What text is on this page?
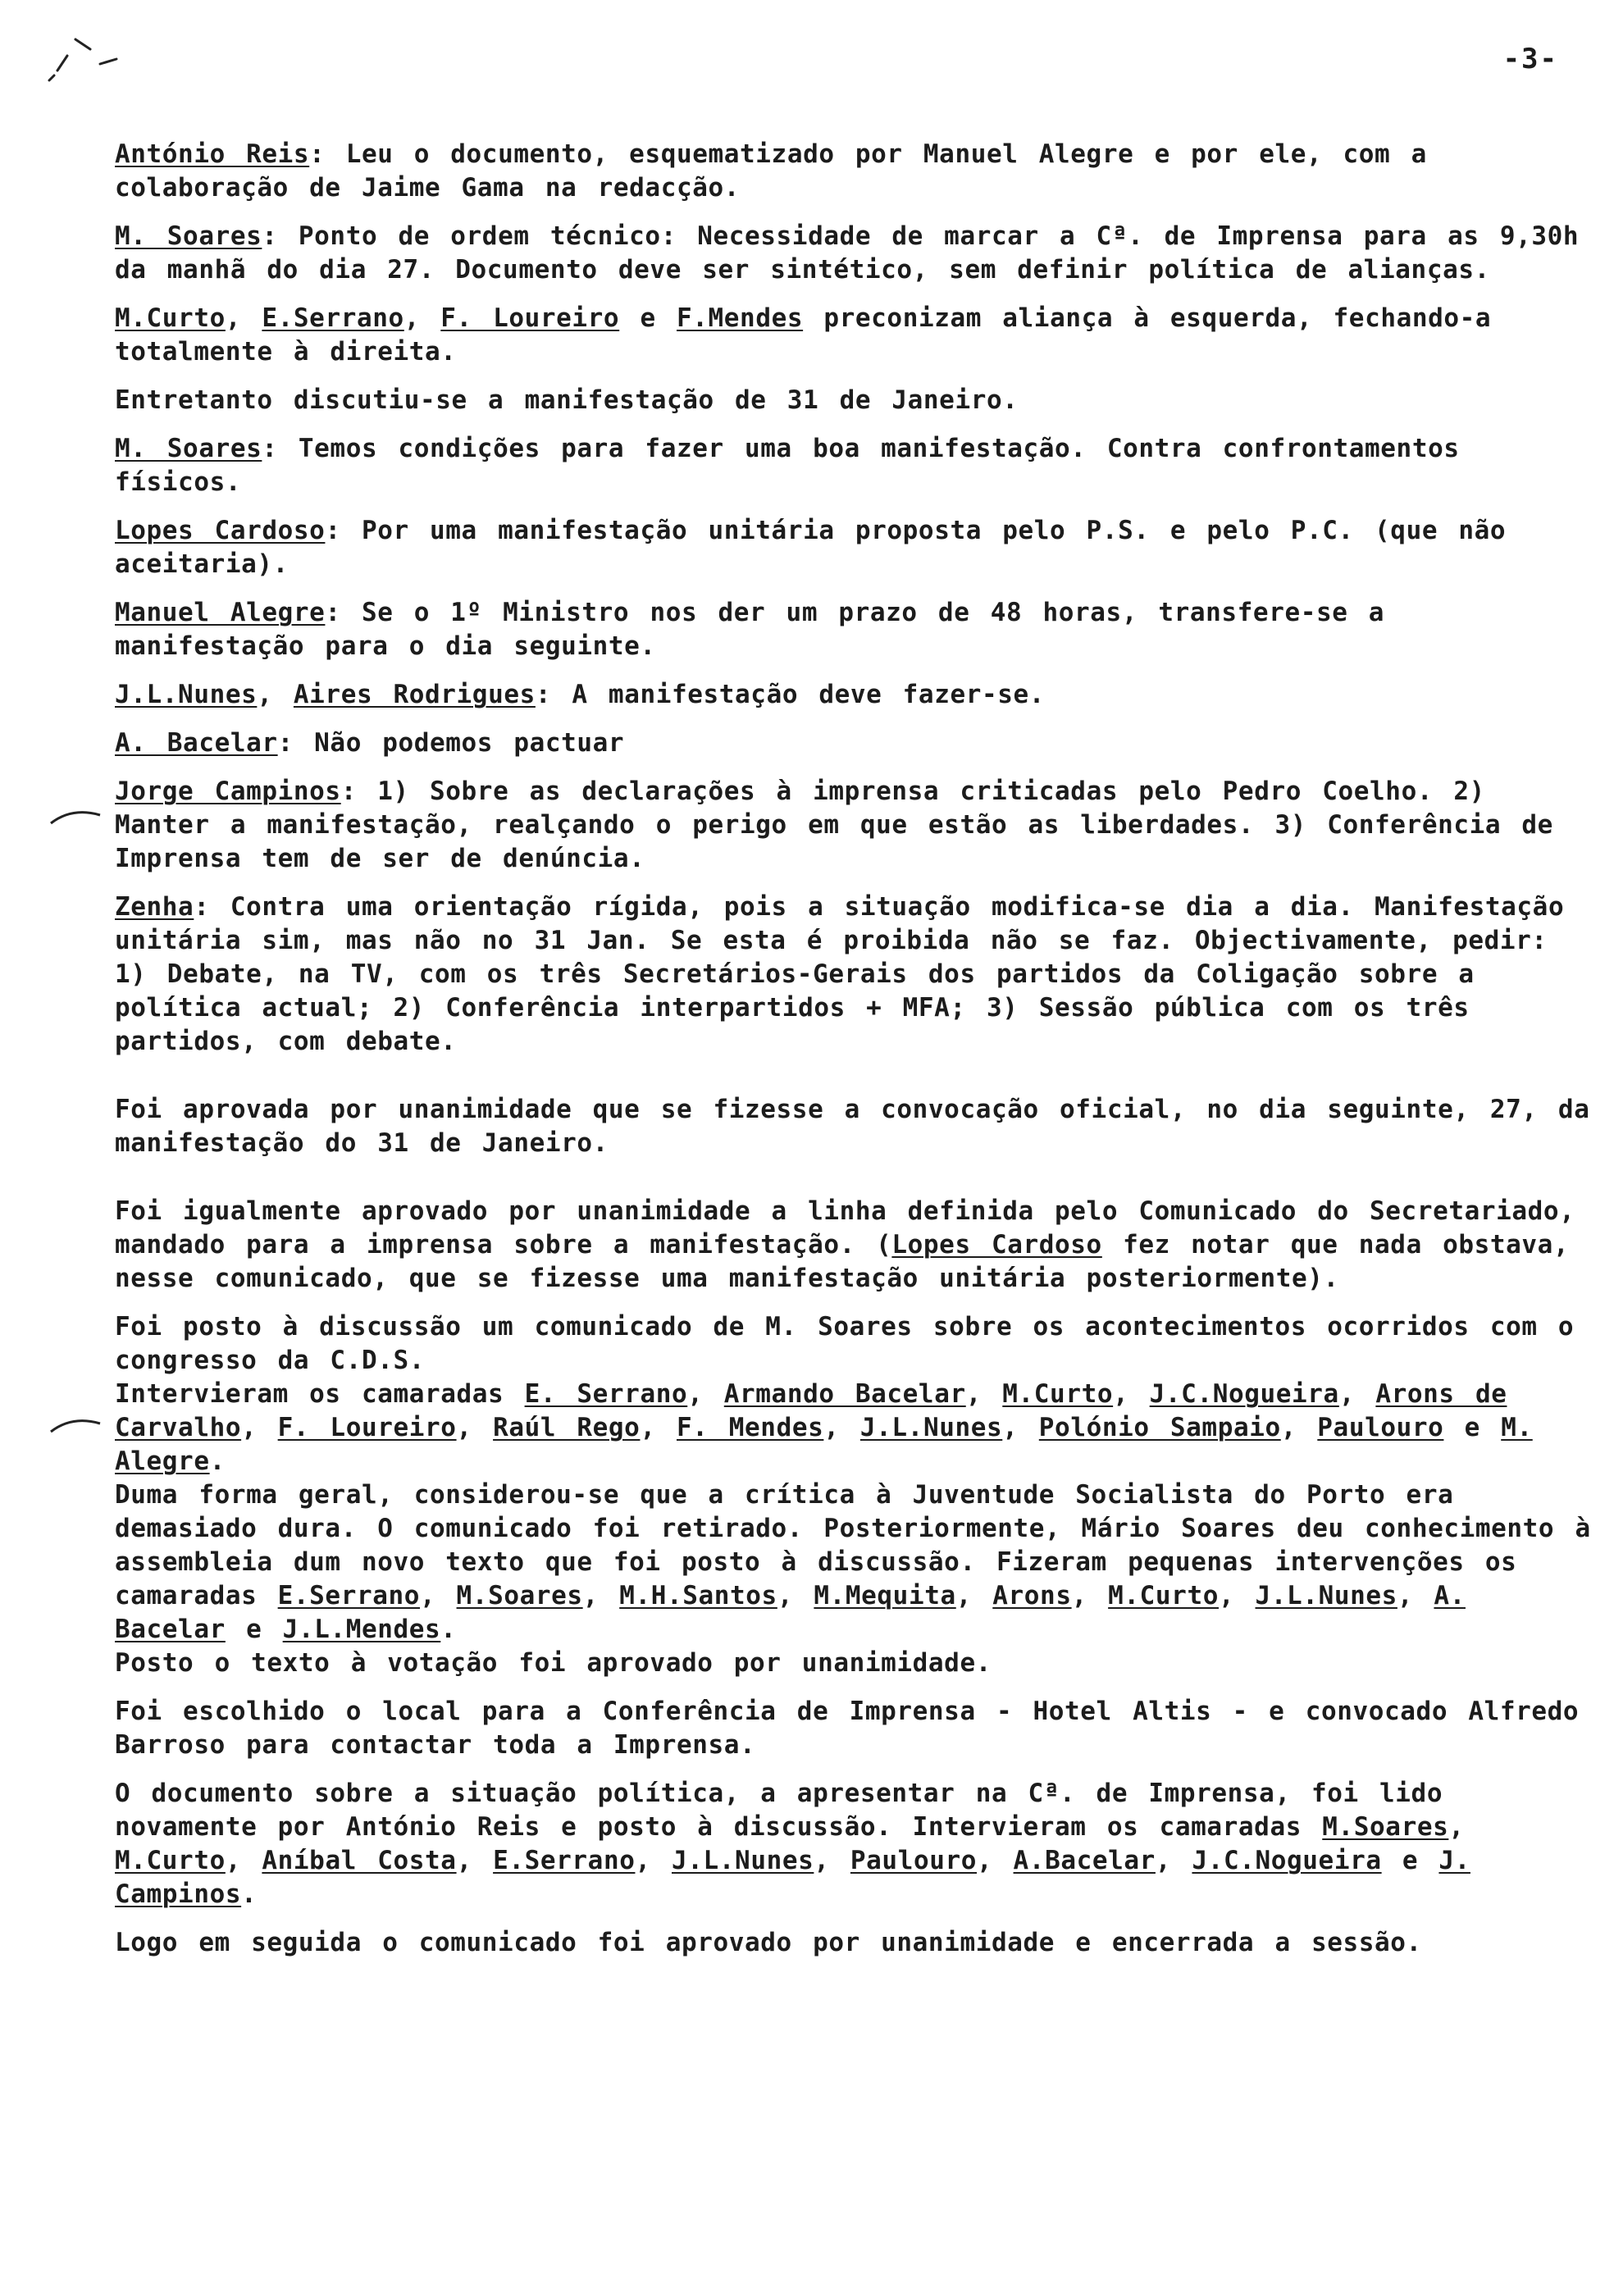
-3-

António Reis: Leu o documento, esquematizado por Manuel Alegre e por ele, com a colaboração de Jaime Gama na redacção.

M. Soares: Ponto de ordem técnico: Necessidade de marcar a Cª. de Imprensa para as 9,30h da manhã do dia 27. Documento deve ser sintético, sem definir política de alianças.

M.Curto, E.Serrano, F. Loureiro e F.Mendes preconizam aliança à esquerda, fechando-a totalmente à direita.

Entretanto discutiu-se a manifestação de 31 de Janeiro.

M. Soares: Temos condições para fazer uma boa manifestação. Contra confrontamentos físicos.

Lopes Cardoso: Por uma manifestação unitária proposta pelo P.S. e pelo P.C. (que não aceitaria).

Manuel Alegre: Se o 1º Ministro nos der um prazo de 48 horas, transfere-se a manifestação para o dia seguinte.

J.L.Nunes, Aires Rodrigues: A manifestação deve fazer-se.

A. Bacelar: Não podemos pactuar

Jorge Campinos: 1) Sobre as declarações à imprensa criticadas pelo Pedro Coelho. 2) Manter a manifestação, realçando o perigo em que estão as liberdades. 3) Conferência de Imprensa tem de ser de denúncia.

Zenha: Contra uma orientação rígida, pois a situação modifica-se dia a dia. Manifestação unitária sim, mas não no 31 Jan. Se esta é proibida não se faz. Objectivamente, pedir: 1) Debate, na TV, com os três Secretários-Gerais dos partidos da Coligação sobre a política actual; 2) Conferência interpartidos + MFA; 3) Sessão pública com os três partidos, com debate.

Foi aprovada por unanimidade que se fizesse a convocação oficial, no dia seguinte, 27, da manifestação do 31 de Janeiro.

Foi igualmente aprovado por unanimidade a linha definida pelo Comunicado do Secretariado, mandado para a imprensa sobre a manifestação. (Lopes Cardoso fez notar que nada obstava, nesse comunicado, que se fizesse uma manifestação unitária posteriormente).

Foi posto à discussão um comunicado de M. Soares sobre os acontecimentos ocorridos com o congresso da C.D.S.

Intervieram os camaradas E. Serrano, Armando Bacelar, M.Curto, J.C.Nogueira, Arons de Carvalho, F. Loureiro, Raúl Rego, F. Mendes, J.L.Nunes, Polónio Sampaio, Paulouro e M. Alegre.

Duma forma geral, considerou-se que a crítica à Juventude Socialista do Porto era demasiado dura. O comunicado foi retirado. Posteriormente, Mário Soares deu conhecimento à assembleia dum novo texto que foi posto à discussão. Fizeram pequenas intervenções os camaradas E.Serrano, M.Soares, M.H.Santos, M.Mequita, Arons, M.Curto, J.L.Nunes, A. Bacelar e J.L.Mendes.

Posto o texto à votação foi aprovado por unanimidade.

Foi escolhido o local para a Conferência de Imprensa - Hotel Altis - e convocado Alfredo Barroso para contactar toda a Imprensa.

O documento sobre a situação política, a apresentar na Cª. de Imprensa, foi lido novamente por António Reis e posto à discussão. Intervieram os camaradas M.Soares, M.Curto, Aníbal Costa, E.Serrano, J.L.Nunes, Paulouro, A.Bacelar, J.C.Nogueira e J. Campinos.

Logo em seguida o comunicado foi aprovado por unanimidade e encerrada a sessão.
